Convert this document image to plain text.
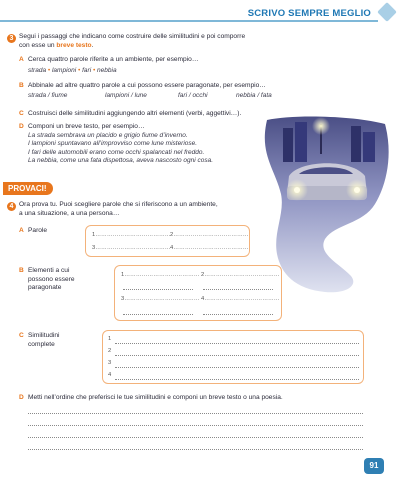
SCRIVO SEMPRE MEGLIO
3 Segui i passaggi che indicano come costruire delle similitudini e poi comporre
con esse un breve testo.
A Cerca quattro parole riferite a un ambiente, per esempio…
strada • lampioni • fari • nebbia
B Abbinale ad altre quattro parole a cui possono essere paragonate, per esempio…
strada / fiume	lampioni / lune	fari / occhi	nebbia / fata
C Costruisci delle similitudini aggiungendo altri elementi (verbi, aggettivi…).
D Componi un breve testo, per esempio…
La strada sembrava un placido e grigio fiume d’inverno.
I lampioni spuntavano all’improvviso come lune misteriose.
I fari delle automobili erano come occhi spalancati nel freddo.
La nebbia, come una fata dispettosa, aveva nascosto ogni cosa.
PROVACI!
4 Ora prova tu. Puoi scegliere parole che si riferiscono a un ambiente,
a una situazione, a una persona…
A Parole
1………………………………… 2…………………………………
3………………………………… 4…………………………………
B Elementi a cui
possono essere
paragonate
1………………………………… 2…………………………………
3………………………………… 4…………………………………
C Similitudini
complete
1
2
3
4
D Metti nell’ordine che preferisci le tue similitudini e componi un breve testo o una poesia.
91
